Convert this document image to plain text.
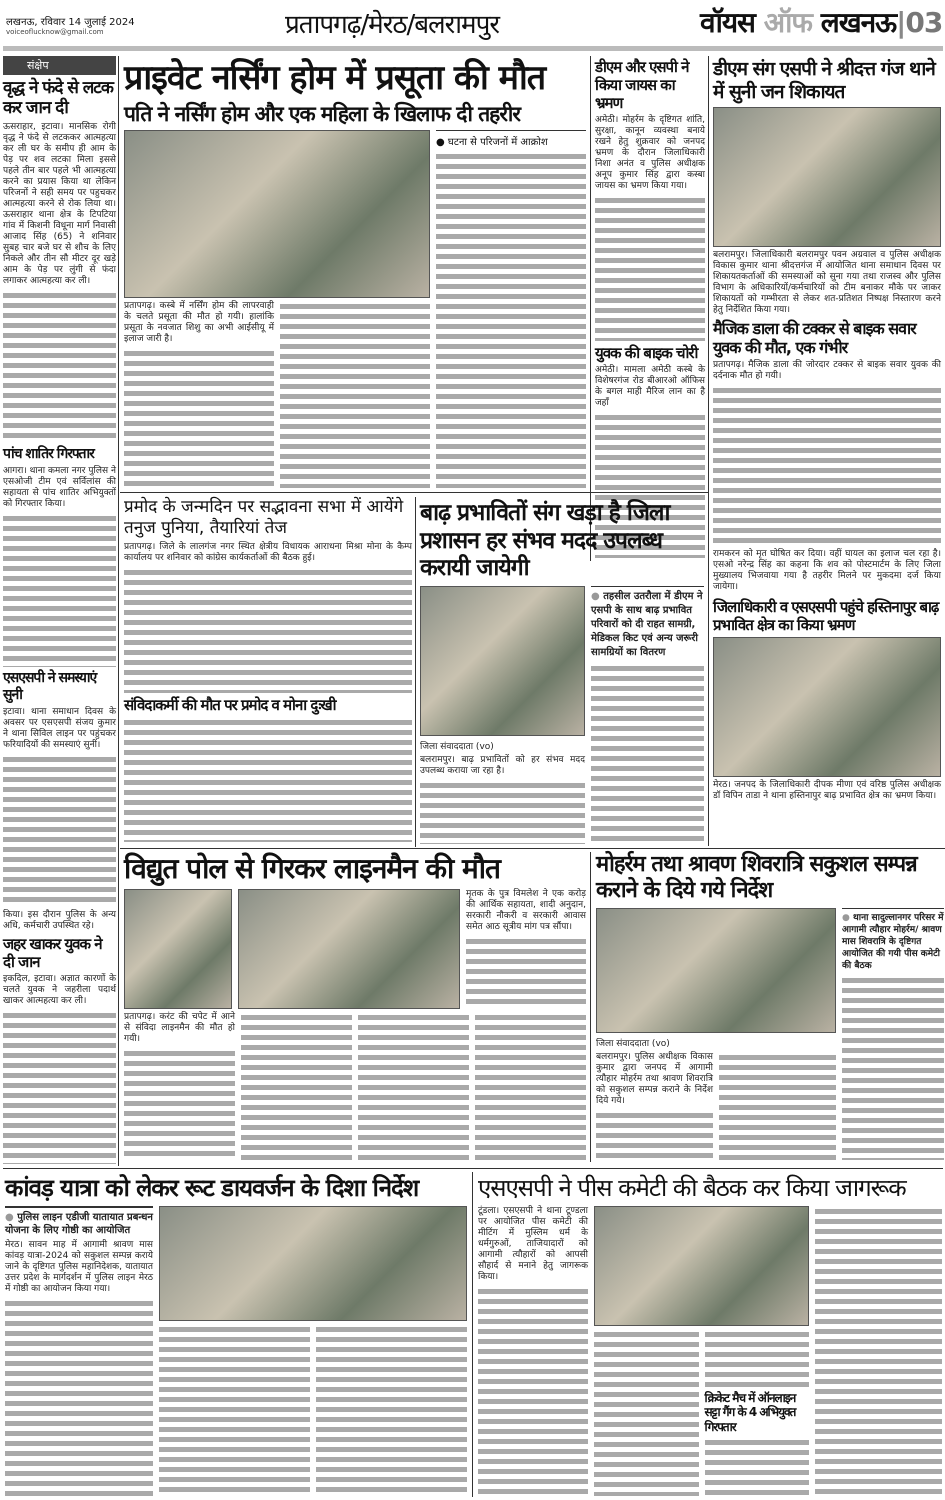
लखनऊ, रविवार 14 जुलाई 2024
voiceoflucknow@gmail.com	प्रतापगढ़/मेरठ/बलरामपुर	वॉयस ऑफ लखनऊ|03
संक्षेप
वृद्ध ने फंदे से लटक कर जान दी
ऊसराहार, इटावा। मानसिक रोगी वृद्ध ने फंदे से लटककर आत्महत्या कर ली घर के समीप ही आम के पेड़ पर शव लटका मिला इससे पहले तीन बार पहले भी आत्महत्या करने का प्रयास किया था लेकिन परिजनों ने सही समय पर पहुचकर आत्महत्या करने से रोक लिया था। ऊसराहार थाना क्षेत्र के टिपटिया गांव में किशनी विधूना मार्ग निवासी आजाद सिंह (65) ने शनिवार सुबह चार बजे घर से शौच के लिए निकले और तीन सौ मीटर दूर खड़े आम के पेड़ पर लुंगी से फंदा लगाकर आत्महत्या कर ली।
पांच शातिर गिरफ्तार
आगरा। थाना कमला नगर पुलिस ने एसओजी टीम एवं सर्विलांस की सहायता से पांच शातिर अभियुक्तों को गिरफ्तार किया।
एसएसपी ने समस्याएं सुनी
इटावा। थाना समाधान दिवस के अवसर पर एसएसपी संजय कुमार ने थाना सिविल लाइन पर पहुंचकर फरियादियों की समस्याएं सुनीं।
किया। इस दौरान पुलिस के अन्य अधि, कर्मचारी उपस्थित रहे।
जहर खाकर युवक ने दी जान
इकदिल, इटावा। अज्ञात कारणों के चलते युवक ने जहरीला पदार्थ खाकर आत्महत्या कर ली।
प्राइवेट नर्सिंग होम में प्रसूता की मौत
पति ने नर्सिंग होम और एक महिला के खिलाफ दी तहरीर
प्रतापगढ़। कस्बे में नर्सिंग होम की लापरवाही के चलते प्रसूता की मौत हो गयी। हालांकि प्रसूता के नवजात शिशु का अभी आईसीयू में इलाज जारी है।
● घटना से परिजनों में आक्रोश
डीएम और एसपी ने किया जायस का भ्रमण
अमेठी। मोहर्रम के दृष्टिगत शांति, सुरक्षा, कानून व्यवस्था बनाये रखने हेतु शुक्रवार को जनपद भ्रमण के दौरान जिलाधिकारी निशा अनंत व पुलिस अधीक्षक अनूप कुमार सिंह द्वारा कस्बा जायस का भ्रमण किया गया।
युवक की बाइक चोरी
अमेठी। मामला अमेठी कस्बे के विशेषरगंज रोड बीआरओ ऑफिस के बगल माही मैरिज लान का है जहाँ
डीएम संग एसपी ने श्रीदत्त गंज थाने में सुनी जन शिकायत
बलरामपुर। जिलाधिकारी बलरामपुर पवन अग्रवाल व पुलिस अधीक्षक विकास कुमार थाना श्रीदत्तगंज में आयोजित थाना समाधान दिवस पर शिकायतकर्ताओं की समस्याओं को सुना गया तथा राजस्व और पुलिस विभाग के अधिकारियों/कर्मचारियों को टीम बनाकर मौके पर जाकर शिकायतों को गम्भीरता से लेकर शत-प्रतिशत निष्पक्ष निस्तारण करने हेतु निर्देशित किया गया।
मैजिक डाला की टक्कर से बाइक सवार युवक की मौत, एक गंभीर
प्रतापगढ़। मैजिक डाला की जोरदार टक्कर से बाइक सवार युवक की दर्दनाक मौत हो गयी।
रामकरन को मृत घोषित कर दिया। वहीं घायल का इलाज चल रहा है। एसओ नरेन्द्र सिंह का कहना कि शव को पोस्टमार्टम के लिए जिला मुख्यालय भिजवाया गया है तहरीर मिलने पर मुकदमा दर्ज किया जायेगा।
जिलाधिकारी व एसएसपी पहुंचे हस्तिनापुर बाढ़ प्रभावित क्षेत्र का किया भ्रमण
मेरठ। जनपद के जिलाधिकारी दीपक मीणा एवं वरिष्ठ पुलिस अधीक्षक डॉ विपिन ताडा ने थाना हस्तिनापुर बाढ़ प्रभावित क्षेत्र का भ्रमण किया।
प्रमोद के जन्मदिन पर सद्भावना सभा में आयेंगे तनुज पुनिया, तैयारियां तेज
प्रतापगढ़। जिले के लालगंज नगर स्थित क्षेत्रीय विधायक आराधना मिश्रा मोना के कैम्प कार्यालय पर शनिवार को कांग्रेस कार्यकर्ताओं की बैठक हुई।
संविदाकर्मी की मौत पर प्रमोद व मोना दुःखी
बाढ़ प्रभावितों संग खड़ा है जिला प्रशासन हर संभव मदद उपलब्ध करायी जायेगी
जिला संवाददाता (vo)
बलरामपुर। बाढ़ प्रभावितों को हर संभव मदद उपलब्ध कराया जा रहा है।
● तहसील उतरौला में डीएम ने एसपी के साथ बाढ़ प्रभावित परिवारों को दी राहत सामग्री, मेडिकल किट एवं अन्य जरूरी सामग्रियों का वितरण
विद्युत पोल से गिरकर लाइनमैन की मौत
मृतक के पुत्र विमलेश ने एक करोड़ की आर्थिक सहायता, शादी अनुदान, सरकारी नौकरी व सरकारी आवास समेत आठ सूत्रीय मांग पत्र सौंपा।
प्रतापगढ़। करंट की चपेट में आने से संविदा लाइनमैन की मौत हो गयी।
मोहर्रम तथा श्रावण शिवरात्रि सकुशल सम्पन्न कराने के दिये गये निर्देश
जिला संवाददाता (vo)
बलरामपुर। पुलिस अधीक्षक विकास कुमार द्वारा जनपद में आगामी त्यौहार मोहर्रम तथा श्रावण शिवरात्रि को सकुशल सम्पन्न कराने के निर्देश दिये गये।
● थाना सादुल्लानगर परिसर में आगामी त्यौहार मोहर्रम/ श्रावण मास शिवरात्रि के दृष्टिगत आयोजित की गयी पीस कमेटी की बैठक
कांवड़ यात्रा को लेकर रूट डायवर्जन के दिशा निर्देश
● पुलिस लाइन एडीजी यातायात प्रबन्धन योजना के लिए गोष्ठी का आयोजित
मेरठ। सावन माह में आगामी श्रावण मास कांवड़ यात्रा-2024 को सकुशल सम्पन्न कराये जाने के दृष्टिगत पुलिस महानिदेशक, यातायात उत्तर प्रदेश के मार्गदर्शन में पुलिस लाइन मेरठ में गोष्ठी का आयोजन किया गया।
एसएसपी ने पीस कमेटी की बैठक कर किया जागरूक
टूंडला। एसएसपी ने थाना टूण्डला पर आयोजित पीस कमेटी की मीटिंग में मुस्लिम धर्म के धर्मगुरुओं, ताजियादारों को आगामी त्यौहारों को आपसी सौहार्द से मनाने हेतु जागरूक किया।
क्रिकेट मैच में ऑनलाइन सट्टा गैंग के 4 अभियुक्त गिरफ्तार
